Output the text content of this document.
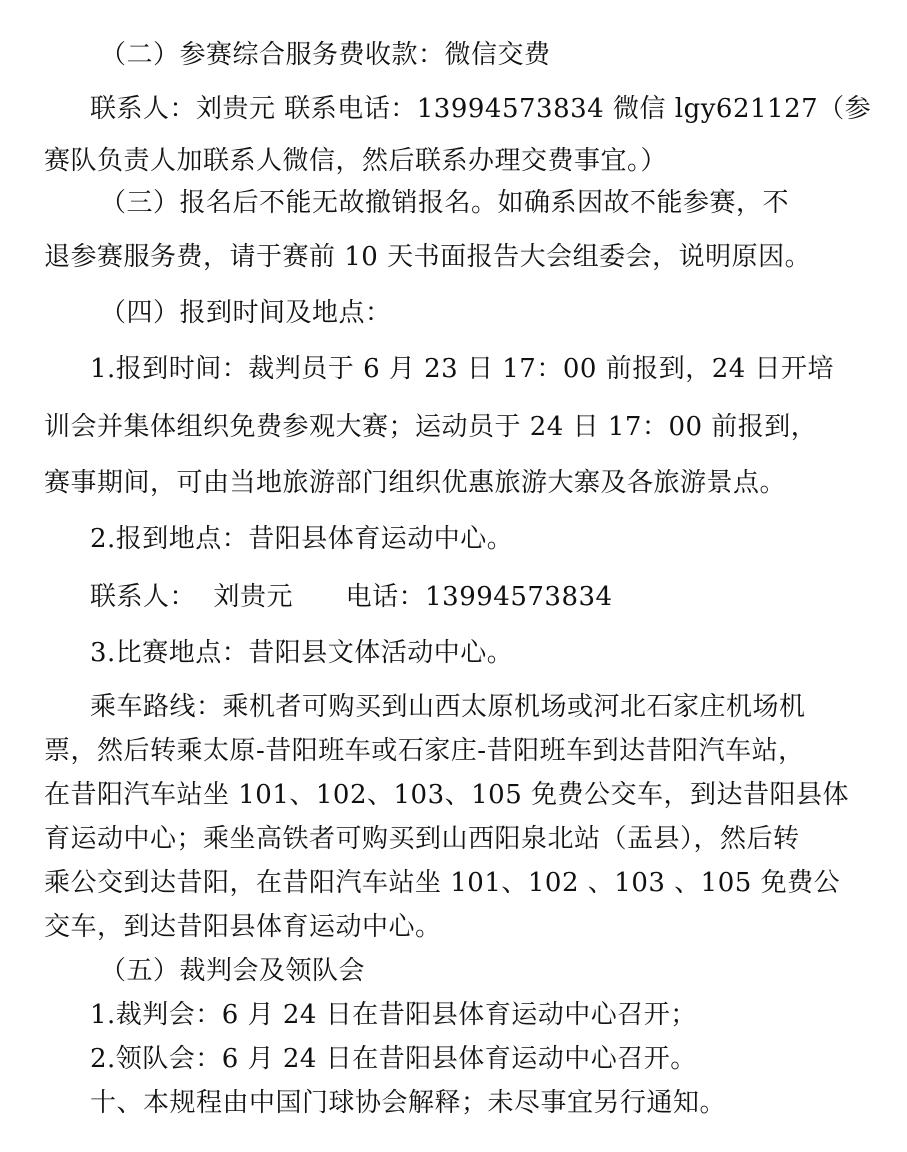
（二）参赛综合服务费收款：微信交费
联系人：刘贵元 联系电话：13994573834 微信 lgy621127（参
赛队负责人加联系人微信，然后联系办理交费事宜。）
（三）报名后不能无故撤销报名。如确系因故不能参赛，不
退参赛服务费，请于赛前 10 天书面报告大会组委会，说明原因。
（四）报到时间及地点：
1.报到时间：裁判员于 6 月 23 日 17：00 前报到，24 日开培
训会并集体组织免费参观大赛；运动员于 24 日 17：00 前报到，
赛事期间，可由当地旅游部门组织优惠旅游大寨及各旅游景点。
2.报到地点：昔阳县体育运动中心。
联系人：  刘贵元      电话：13994573834
3.比赛地点：昔阳县文体活动中心。
乘车路线：乘机者可购买到山西太原机场或河北石家庄机场机
票，然后转乘太原-昔阳班车或石家庄-昔阳班车到达昔阳汽车站，
在昔阳汽车站坐 101、102、103、105 免费公交车，到达昔阳县体
育运动中心；乘坐高铁者可购买到山西阳泉北站（盂县），然后转
乘公交到达昔阳，在昔阳汽车站坐 101、102 、103 、105 免费公
交车，到达昔阳县体育运动中心。
（五）裁判会及领队会
1.裁判会：6 月 24 日在昔阳县体育运动中心召开；
2.领队会：6 月 24 日在昔阳县体育运动中心召开。
十、本规程由中国门球协会解释；未尽事宜另行通知。
